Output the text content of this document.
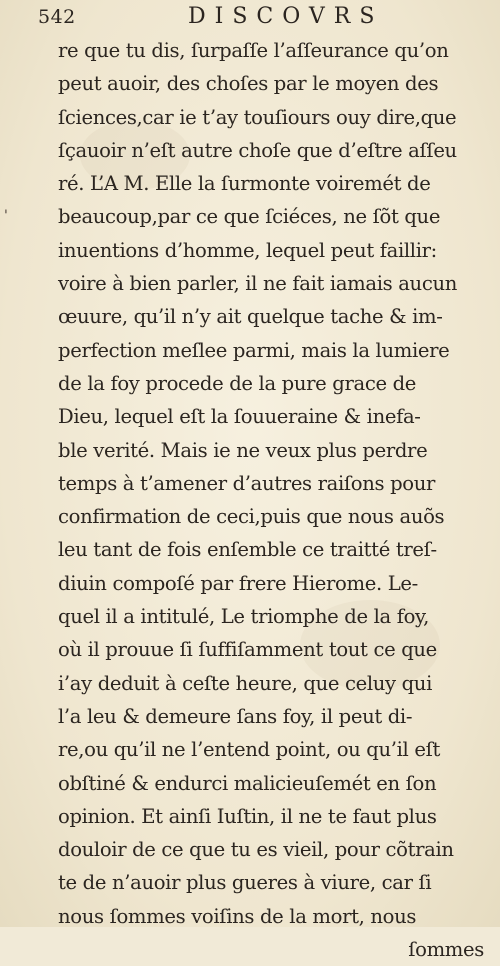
542	DISCOVRS
'
re que tu dis, ſurpaſſe l’aſſeurance qu’on
peut auoir, des choſes par le moyen des
ſciences,car ie t’ay touſiours ouy dire,que
ſçauoir n’eſt autre choſe que d’eſtre aſſeu
ré. L’A M. Elle la ſurmonte voiremét de
beaucoup,par ce que ſciéces, ne ſõt que
inuentions d’homme, lequel peut faillir:
voire à bien parler, il ne fait iamais aucun
œuure, qu’il n’y ait quelque tache & im-
perfection meſlee parmi, mais la lumiere
de la foy procede de la pure grace de
Dieu, lequel eſt la ſouueraine & inefa-
ble verité. Mais ie ne veux plus perdre
temps à t’amener d’autres raiſons pour
confirmation de ceci,puis que nous auõs
leu tant de fois enſemble ce traitté treſ-
diuin compoſé par frere Hierome. Le-
quel il a intitulé, Le triomphe de la foy,
où il prouue ſi ſuffiſamment tout ce que
i’ay deduit à ceſte heure, que celuy qui
l’a leu & demeure ſans foy, il peut di-
re,ou qu’il ne l’entend point, ou qu’il eſt
obſtiné & endurci malicieuſemét en ſon
opinion. Et ainſi Iuſtin, il ne te faut plus
douloir de ce que tu es vieil, pour cõtrain
te de n’auoir plus gueres à viure, car ſi
nous ſommes voiſins de la mort, nous
ſommes
